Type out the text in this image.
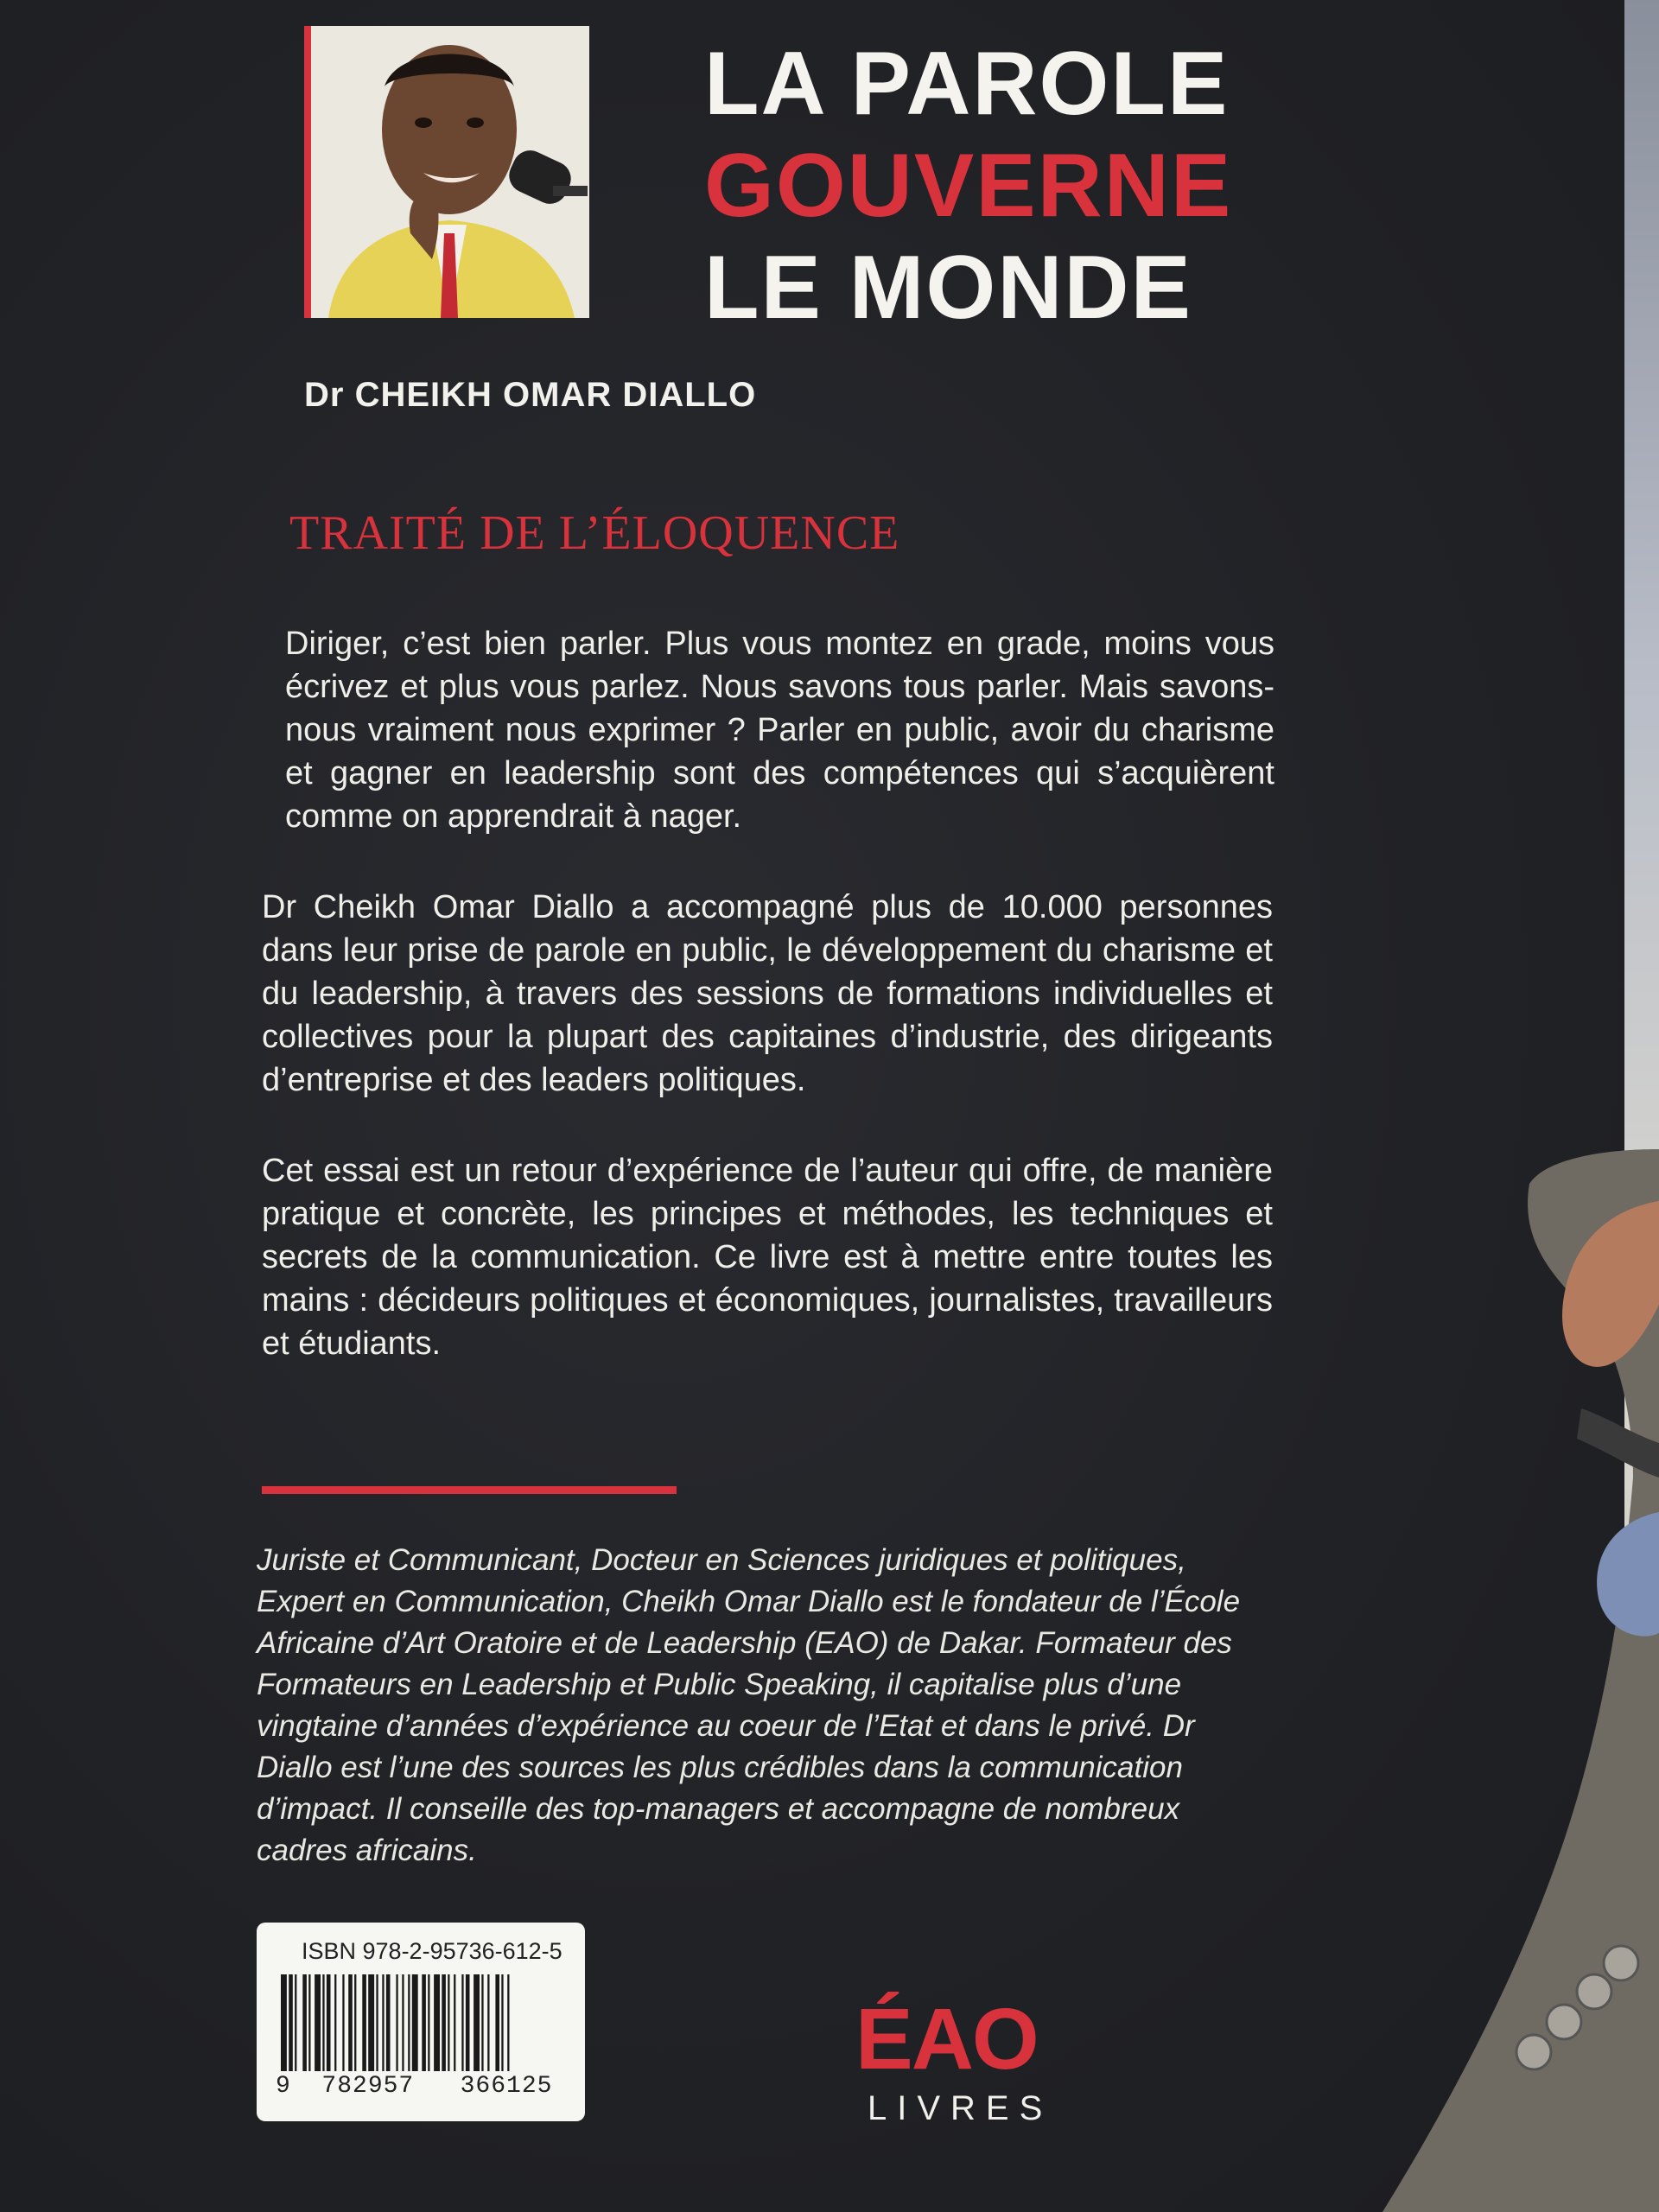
LA PAROLE
GOUVERNE
LE MONDE
Dr CHEIKH OMAR DIALLO
TRAITÉ DE L’ÉLOQUENCE
Diriger, c’est bien parler. Plus vous montez en grade, moins vous écrivez et plus vous parlez. Nous savons tous parler. Mais savons-nous vraiment nous exprimer ? Parler en public, avoir du charisme et gagner en leadership sont des compétences qui s’acquièrent comme on apprendrait à nager.
Dr Cheikh Omar Diallo a accompagné plus de 10.000 personnes dans leur prise de parole en public, le développement du charisme et du leadership, à travers des sessions de formations individuelles et collectives pour la plupart des capitaines d’industrie, des dirigeants d’entreprise et des leaders politiques.
Cet essai est un retour d’expérience de l’auteur qui offre, de manière pratique et concrète, les principes et méthodes, les techniques et secrets de la communication. Ce livre est à mettre entre toutes les mains : décideurs politiques et économiques, journalistes, travailleurs et étudiants.
Juriste et Communicant, Docteur en Sciences juridiques et politiques, Expert en Communication, Cheikh Omar Diallo est le fondateur de l’École Africaine d’Art Oratoire et de Leadership (EAO) de Dakar. Formateur des Formateurs en Leadership et Public Speaking, il capitalise plus d’une vingtaine d’années d’expérience au coeur de l’Etat et dans le privé. Dr Diallo est l’une des sources les plus crédibles dans la communication d’impact. Il conseille des top-managers et accompagne de nombreux cadres africains.
ISBN 978-2-95736-612-5
9  782957   366125	ÉAO
LIVRES
